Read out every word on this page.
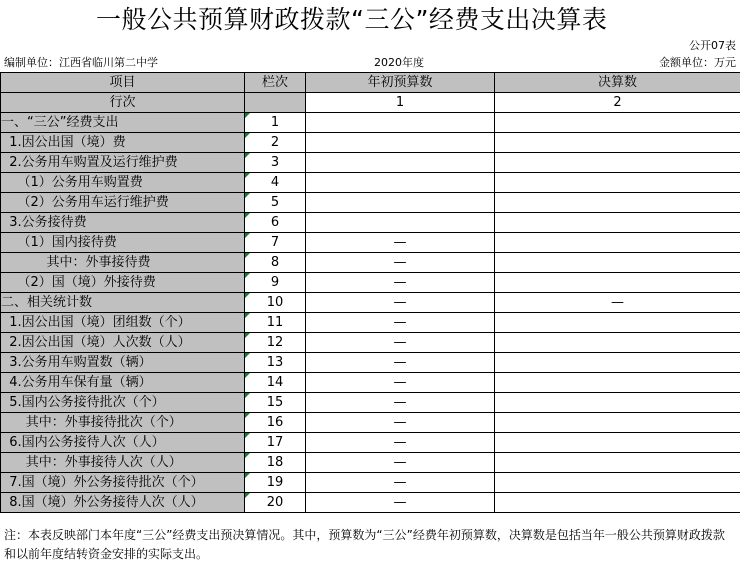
一般公共预算财政拨款“三公”经费支出决算表
公开07表
编制单位：江西省临川第二中学	2020年度	金额单位：万元
项目	栏次	年初预算数	决算数
行次		1	2
一、“三公”经费支出	1		
1.因公出国（境）费	2		
2.公务用车购置及运行维护费	3		
（1）公务用车购置费	4		
（2）公务用车运行维护费	5		
3.公务接待费	6		
（1）国内接待费	7	—	
其中：外事接待费	8	—	
（2）国（境）外接待费	9	—	
二、相关统计数	10	—	—
1.因公出国（境）团组数（个）	11	—	
2.因公出国（境）人次数（人）	12	—	
3.公务用车购置数（辆）	13	—	
4.公务用车保有量（辆）	14	—	
5.国内公务接待批次（个）	15	—	
其中：外事接待批次（个）	16	—	
6.国内公务接待人次（人）	17	—	
其中：外事接待人次（人）	18	—	
7.国（境）外公务接待批次（个）	19	—	
8.国（境）外公务接待人次（人）	20	—	
注：本表反映部门本年度“三公”经费支出预决算情况。其中，预算数为“三公”经费年初预算数，决算数是包括当年一般公共预算财政拨款和以前年度结转资金安排的实际支出。
